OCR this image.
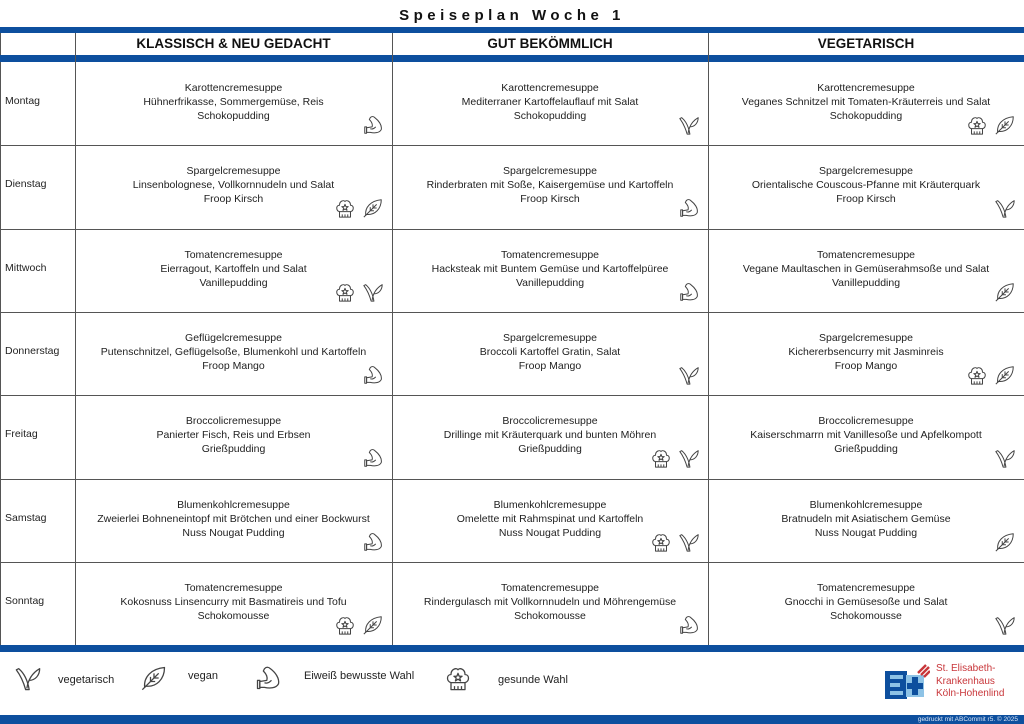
Speiseplan Woche 1
KLASSISCH & NEU GEDACHT	GUT BEKÖMMLICH	VEGETARISCH
Montag
Karottencremesuppe
Hühnerfrikasse, Sommergemüse, Reis
Schokopudding
Karottencremesuppe
Mediterraner Kartoffelauflauf mit Salat
Schokopudding
Karottencremesuppe
Veganes Schnitzel mit Tomaten-Kräuterreis und Salat
Schokopudding
Dienstag
Spargelcremesuppe
Linsenbolognese, Vollkornnudeln und Salat
Froop Kirsch
Spargelcremesuppe
Rinderbraten mit Soße, Kaisergemüse und Kartoffeln
Froop Kirsch
Spargelcremesuppe
Orientalische Couscous-Pfanne mit Kräuterquark
Froop Kirsch
Mittwoch
Tomatencremesuppe
Eierragout, Kartoffeln und Salat
Vanillepudding
Tomatencremesuppe
Hacksteak mit Buntem Gemüse und Kartoffelpüree
Vanillepudding
Tomatencremesuppe
Vegane Maultaschen in Gemüserahmsoße und Salat
Vanillepudding
Donnerstag
Geflügelcremesuppe
Putenschnitzel, Geflügelsoße, Blumenkohl und Kartoffeln
Froop Mango
Spargelcremesuppe
Broccoli Kartoffel Gratin, Salat
Froop Mango
Spargelcremesuppe
Kichererbsencurry mit Jasminreis
Froop Mango
Freitag
Broccolicremesuppe
Panierter Fisch, Reis und Erbsen
Grießpudding
Broccolicremesuppe
Drillinge mit Kräuterquark und bunten Möhren
Grießpudding
Broccolicremesuppe
Kaiserschmarrn mit Vanillesoße und Apfelkompott
Grießpudding
Samstag
Blumenkohlcremesuppe
Zweierlei Bohneneintopf mit Brötchen und einer Bockwurst
Nuss Nougat Pudding
Blumenkohlcremesuppe
Omelette mit Rahmspinat und Kartoffeln
Nuss Nougat Pudding
Blumenkohlcremesuppe
Bratnudeln mit Asiatischem Gemüse
Nuss Nougat Pudding
Sonntag
Tomatencremesuppe
Kokosnuss Linsencurry mit Basmatireis und Tofu
Schokomousse
Tomatencremesuppe
Rindergulasch mit Vollkornnudeln und Möhrengemüse
Schokomousse
Tomatencremesuppe
Gnocchi in Gemüsesoße und Salat
Schokomousse
vegetarisch	vegan	Eiweiß bewusste Wahl	gesunde Wahl
St. Elisabeth-
Krankenhaus
Köln-Hohenlind
gedruckt mit ABCommit r5. © 2025
